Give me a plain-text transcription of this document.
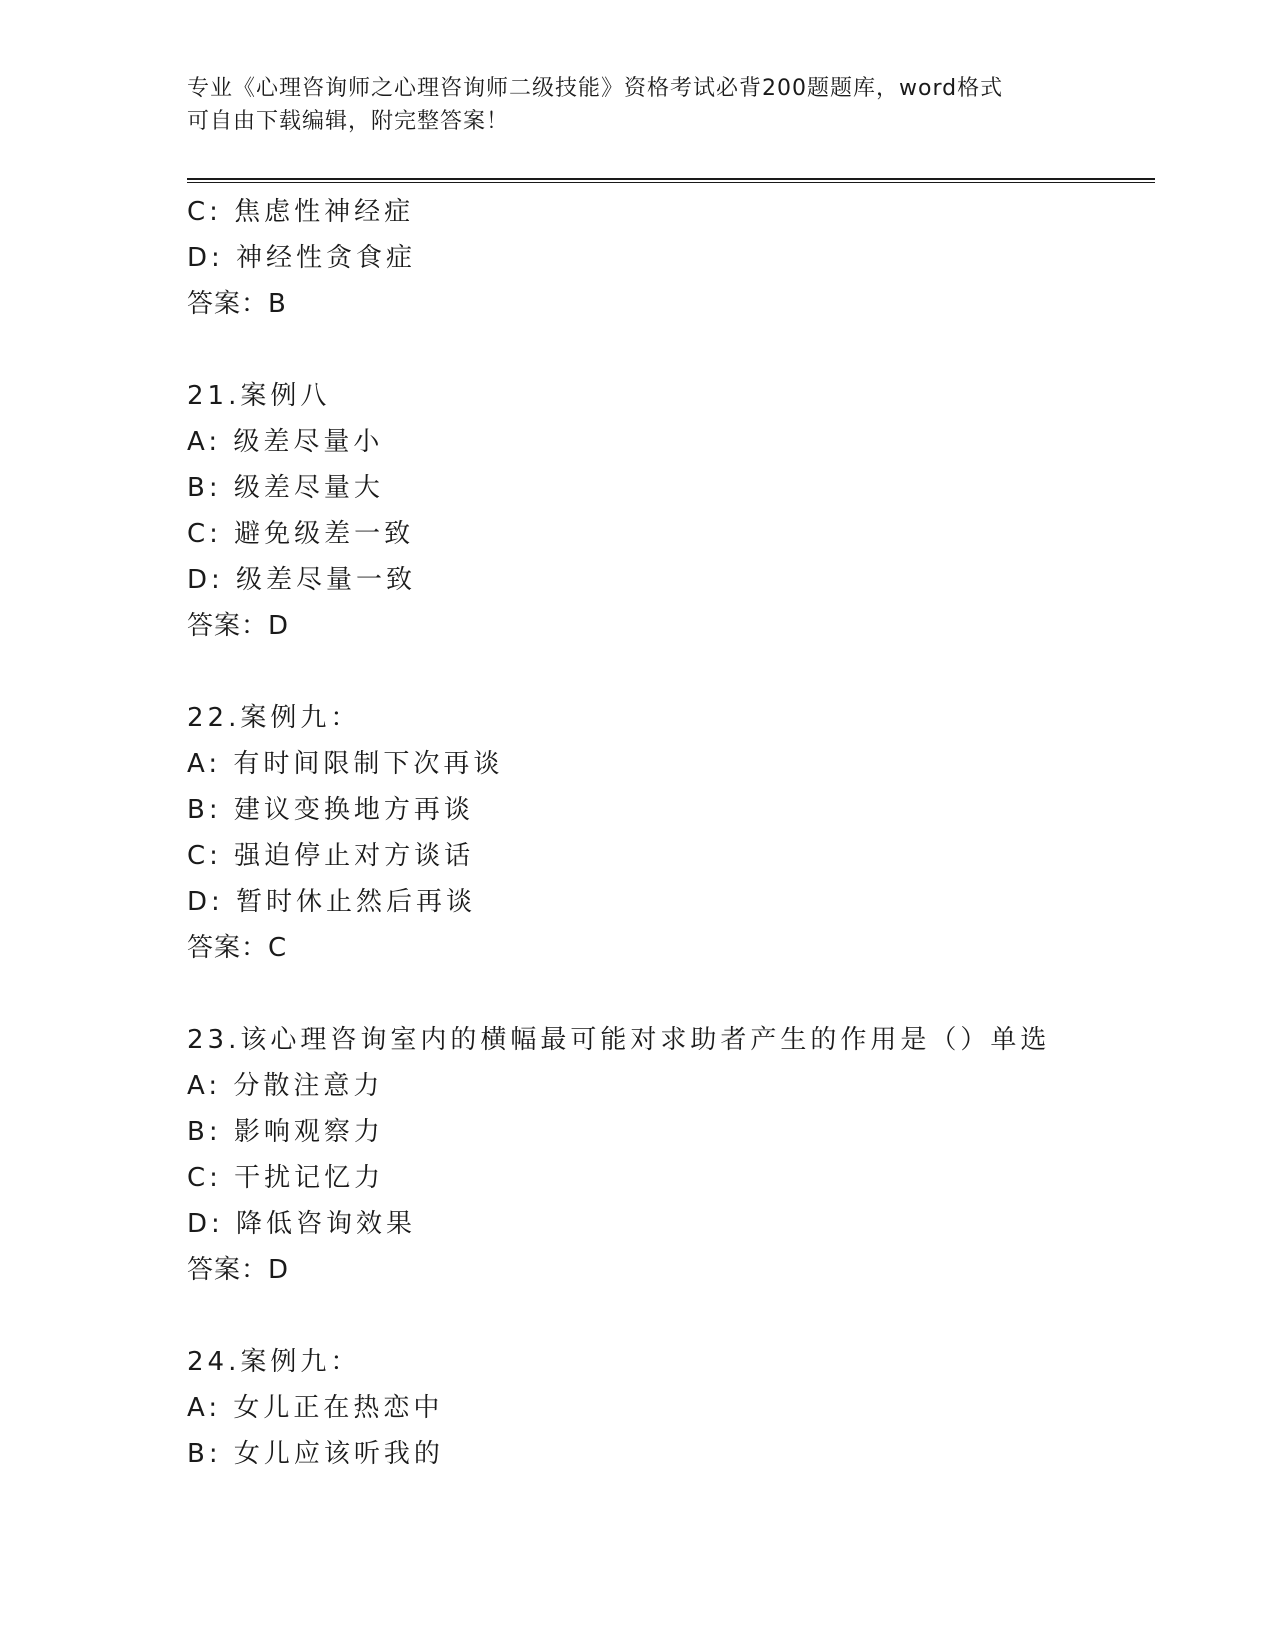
专业《心理咨询师之心理咨询师二级技能》资格考试必背200题题库，word格式
可自由下载编辑，附完整答案！
C: 焦虑性神经症
D: 神经性贪食症
答案：B
21.案例八
A: 级差尽量小
B: 级差尽量大
C: 避免级差一致
D: 级差尽量一致
答案：D
22.案例九：
A: 有时间限制下次再谈
B: 建议变换地方再谈
C: 强迫停止对方谈话
D: 暂时休止然后再谈
答案：C
23.该心理咨询室内的横幅最可能对求助者产生的作用是（）单选
A: 分散注意力
B: 影响观察力
C: 干扰记忆力
D: 降低咨询效果
答案：D
24.案例九：
A: 女儿正在热恋中
B: 女儿应该听我的
